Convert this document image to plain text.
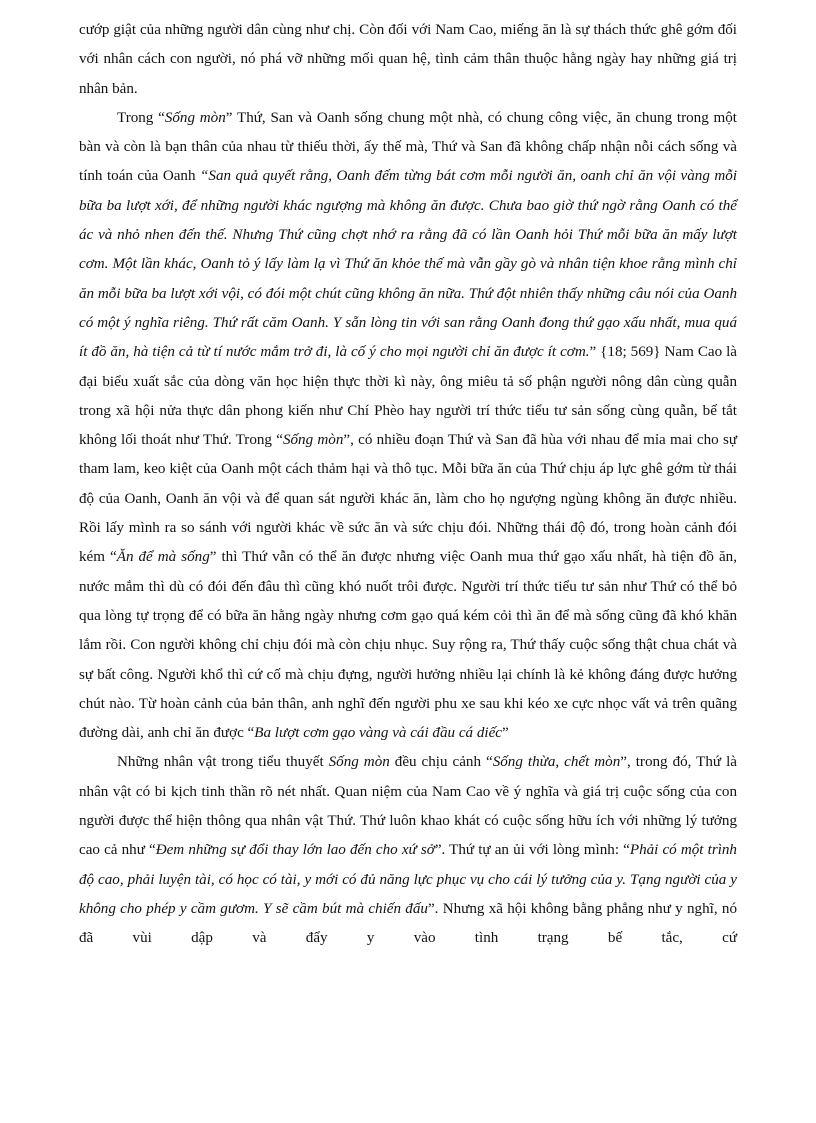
cướp giật của những người dân cùng như chị. Còn đối với Nam Cao, miếng ăn là sự thách thức ghê gớm đối với nhân cách con người, nó phá vỡ những mối quan hệ, tình cảm thân thuộc hằng ngày hay những giá trị nhân bản.

Trong “Sống mòn” Thứ, San và Oanh sống chung một nhà, có chung công việc, ăn chung trong một bàn và còn là bạn thân của nhau từ thiếu thời, ấy thế mà, Thứ và San đã không chấp nhận nỗi cách sống và tính toán của Oanh “San quả quyết rằng, Oanh đếm từng bát cơm mỗi người ăn, oanh chỉ ăn vội vàng mỗi bữa ba lượt xới, để những người khác ngượng mà không ăn được. Chưa bao giờ thứ ngờ rằng Oanh có thể ác và nhỏ nhen đến thế. Nhưng Thứ cũng chợt nhớ ra rằng đã có lần Oanh hỏi Thứ mỗi bữa ăn mấy lượt cơm. Một lần khác, Oanh tỏ ý lấy làm lạ vì Thứ ăn khỏe thế mà vẫn gầy gò và nhân tiện khoe rằng mình chỉ ăn mỗi bữa ba lượt xới vội, có đói một chút cũng không ăn nữa. Thứ đột nhiên thấy những câu nói của Oanh có một ý nghĩa riêng. Thứ rất căm Oanh. Y sẵn lòng tin với san rằng Oanh đong thứ gạo xấu nhất, mua quá ít đồ ăn, hà tiện cả từ tí nước mắm trở đi, là cố ý cho mọi người chỉ ăn được ít cơm.” {18; 569} Nam Cao là đại biểu xuất sắc của dòng văn học hiện thực thời kì này, ông miêu tả số phận người nông dân cùng quẫn trong xã hội nửa thực dân phong kiến như Chí Phèo hay người trí thức tiểu tư sản sống cùng quẫn, bế tắt không lối thoát như Thứ. Trong “Sống mòn”, có nhiều đoạn Thứ và San đã hùa với nhau để mỉa mai cho sự tham lam, keo kiệt của Oanh một cách thảm hại và thô tục. Mỗi bữa ăn của Thứ chịu áp lực ghê gớm từ thái độ của Oanh, Oanh ăn vội và để quan sát người khác ăn, làm cho họ ngượng ngùng không ăn được nhiều. Rồi lấy mình ra so sánh với người khác về sức ăn và sức chịu đói. Những thái độ đó, trong hoàn cảnh đói kém “Ăn để mà sống” thì Thứ vẫn có thể ăn được nhưng việc Oanh mua thứ gạo xấu nhất, hà tiện đồ ăn, nước mắm thì dù có đói đến đâu thì cũng khó nuốt trôi được. Người trí thức tiểu tư sản như Thứ có thể bỏ qua lòng tự trọng để có bữa ăn hằng ngày nhưng cơm gạo quá kém cỏi thì ăn để mà sống cũng đã khó khăn lắm rồi. Con người không chỉ chịu đói mà còn chịu nhục. Suy rộng ra, Thứ thấy cuộc sống thật chua chát và sự bất công. Người khổ thì cứ cố mà chịu đựng, người hưởng nhiều lại chính là kẻ không đáng được hưởng chút nào. Từ hoàn cảnh của bản thân, anh nghĩ đến người phu xe sau khi kéo xe cực nhọc vất vả trên quãng đường dài, anh chỉ ăn được “Ba lượt cơm gạo vàng và cái đầu cá diếc”

Những nhân vật trong tiểu thuyết Sống mòn đều chịu cảnh “Sống thừa, chết mòn”, trong đó, Thứ là nhân vật có bi kịch tinh thần rõ nét nhất. Quan niệm của Nam Cao về ý nghĩa và giá trị cuộc sống của con người được thể hiện thông qua nhân vật Thứ. Thứ luôn khao khát có cuộc sống hữu ích với những lý tưởng cao cả như “Đem những sự đổi thay lớn lao đến cho xứ sở”. Thứ tự an ủi với lòng mình: “Phải có một trình độ cao, phải luyện tài, có học có tài, y mới có đủ năng lực phục vụ cho cái lý tưởng của y. Tạng người của y không cho phép y cầm gươm. Y sẽ cầm bút mà chiến đấu”. Nhưng xã hội không bằng phẳng như y nghĩ, nó đã vùi dập và đẩy y vào tình trạng bế tắc, cứ
